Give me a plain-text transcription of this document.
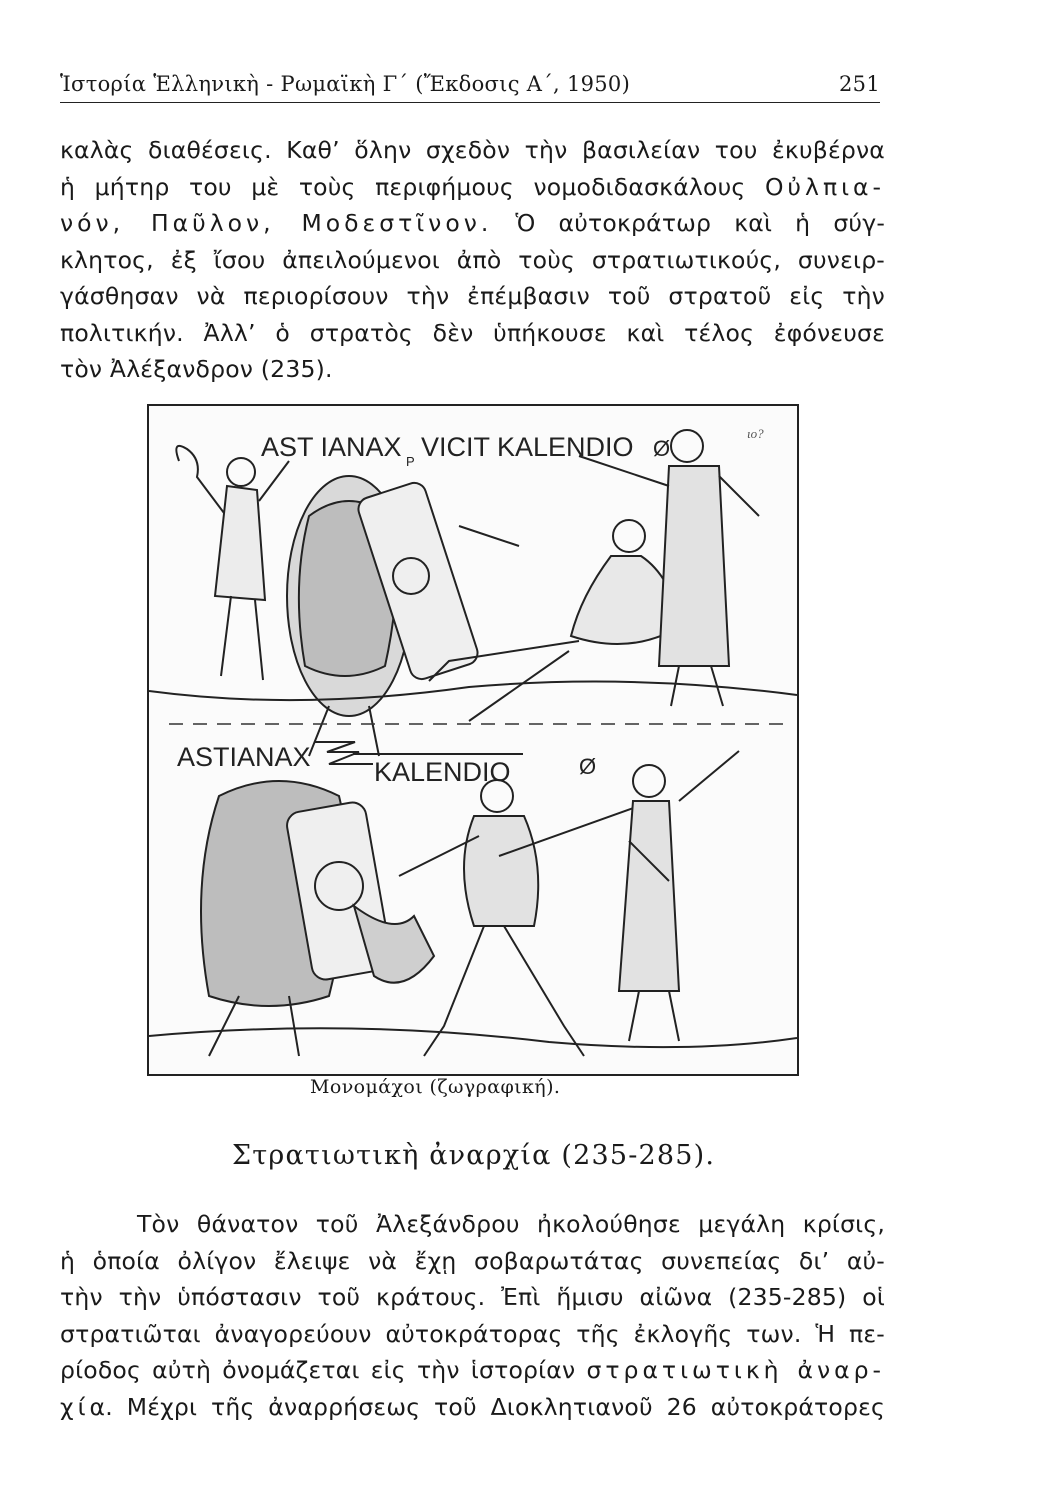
Ἱστορία Ἑλληνικὴ - Ρωμαϊκὴ Γ΄ (Ἔκδοσις Α΄, 1950)	251
καλὰς διαθέσεις. Καθ’ ὅλην σχεδὸν τὴν βασιλείαν του ἐκυβέρνα
ἡ μήτηρ του μὲ τοὺς περιφήμους νομοδιδασκάλους Οὐλπια-
νόν, Παῦλον, Μοδεστῖνον. Ὁ αὐτοκράτωρ καὶ ἡ σύγ-
κλητος, ἐξ ἴσου ἀπειλούμενοι ἀπὸ τοὺς στρατιωτικούς, συνειρ-
γάσθησαν νὰ περιορίσουν τὴν ἐπέμβασιν τοῦ στρατοῦ εἰς τὴν
πολιτικήν. Ἀλλ’ ὁ στρατὸς δὲν ὑπήκουσε καὶ τέλος ἐφόνευσε
τὸν Ἀλέξανδρον (235).
AST IANAX P VICIT KALENDIO Ø
ιο?
ASTIANAX KALENDIO	Ø
Μονομάχοι (ζωγραφική).
Στρατιωτικὴ ἀναρχία (235-285).
Τὸν θάνατον τοῦ Ἀλεξάνδρου ἠκολούθησε μεγάλη κρίσις,
ἡ ὁποία ὀλίγον ἔλειψε νὰ ἔχῃ σοβαρωτάτας συνεπείας δι’ αὐ-
τὴν τὴν ὑπόστασιν τοῦ κράτους. Ἐπὶ ἥμισυ αἰῶνα (235-285) οἱ
στρατιῶται ἀναγορεύουν αὐτοκράτορας τῆς ἐκλογῆς των. Ἡ πε-
ρίοδος αὐτὴ ὀνομάζεται εἰς τὴν ἱστορίαν στρατιωτικὴ ἀναρ-
χία. Μέχρι τῆς ἀναρρήσεως τοῦ Διοκλητιανοῦ 26 αὐτοκράτορες
